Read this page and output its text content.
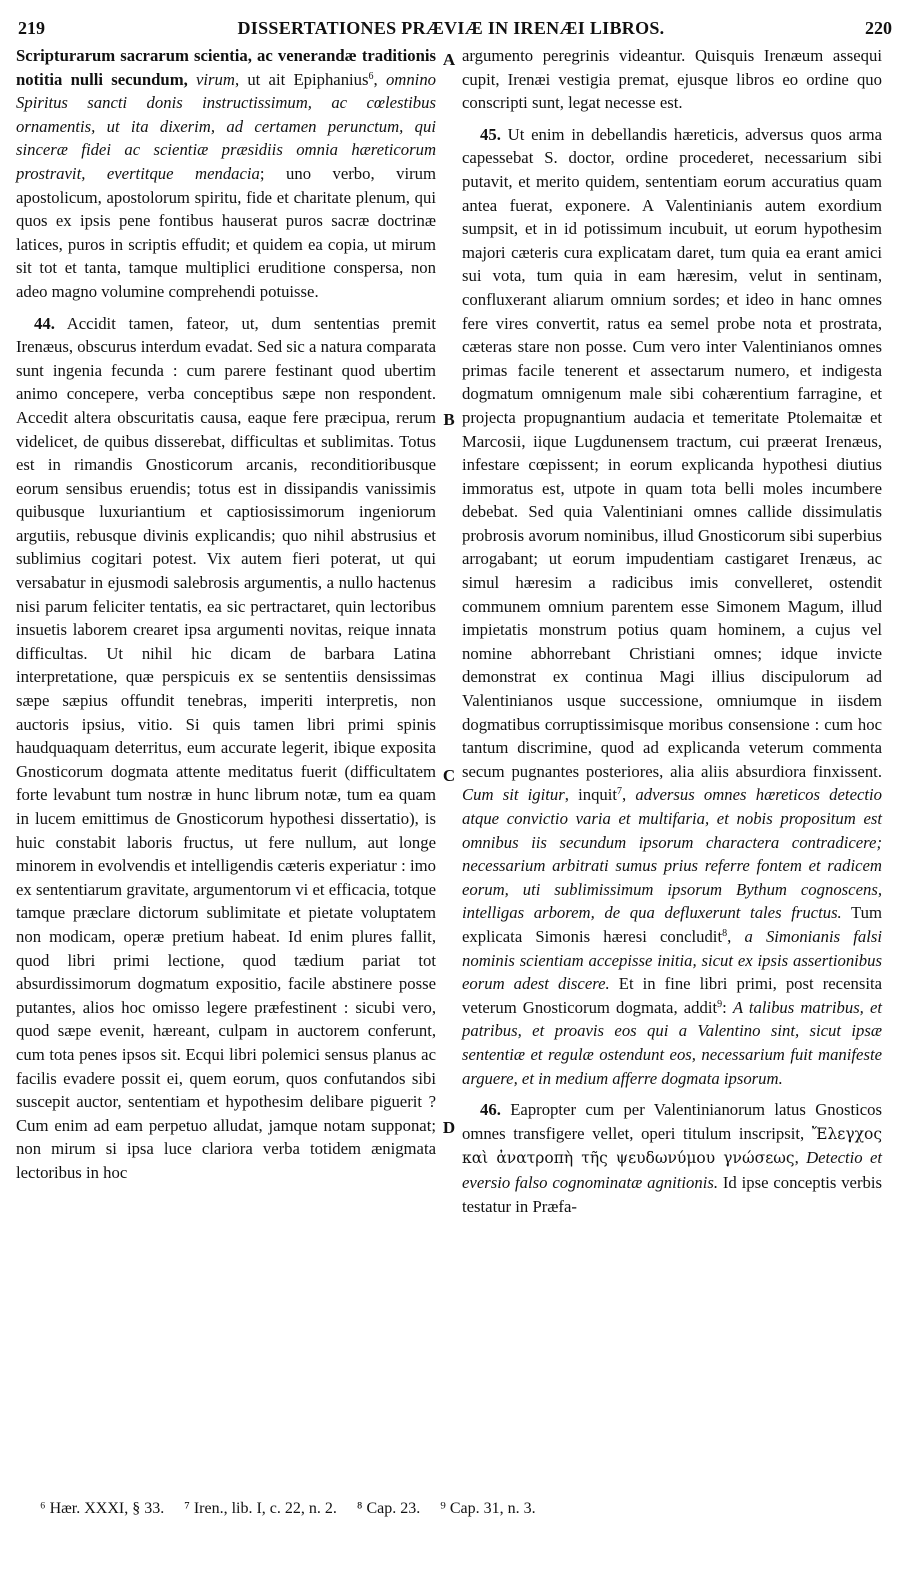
219	DISSERTATIONES PRÆVIÆ IN IRENÆI LIBROS.	220

Scripturarum sacrarum scientia, ac venerandæ traditionis notitia nulli secundum, virum, ut ait Epiphanius$^6$, omnino Spiritus sancti donis instructissimum, ac cœlestibus ornamentis, ut ita dixerim, ad certamen perunctum, qui sinceræ fidei ac scientiæ præsidiis omnia hæreticorum prostravit, evertitque mendacia; uno verbo, virum apostolicum, apostolorum spiritu, fide et charitate plenum, qui quos ex ipsis pene fontibus hauserat puros sacræ doctrinæ latices, puros in scriptis effudit; et quidem ea copia, ut mirum sit tot et tanta, tamque multiplici eruditione conspersa, non adeo magno volumine comprehendi potuisse.

44. Accidit tamen, fateor, ut, dum sententias premit Irenæus, obscurus interdum evadat. Sed sic a natura comparata sunt ingenia fecunda : cum parere festinant quod ubertim animo concepere, verba conceptibus sæpe non respondent. Accedit altera obscuritatis causa, eaque fere præcipua, rerum videlicet, de quibus disserebat, difficultas et sublimitas. Totus est in rimandis Gnosticorum arcanis, reconditioribusque eorum sensibus eruendis; totus est in dissipandis vanissimis quibusque luxuriantium et captiosissimorum ingeniorum argutiis, rebusque divinis explicandis; quo nihil abstrusius et sublimius cogitari potest. Vix autem fieri poterat, ut qui versabatur in ejusmodi salebrosis argumentis, a nullo hactenus nisi parum feliciter tentatis, ea sic pertractaret, quin lectoribus insuetis laborem crearet ipsa argumenti novitas, reique innata difficultas. Ut nihil hic dicam de barbara Latina interpretatione, quæ perspicuis ex se sententiis densissimas sæpe sæpius offundit tenebras, imperiti interpretis, non auctoris ipsius, vitio. Si quis tamen libri primi spinis haudquaquam deterritus, eum accurate legerit, ibique exposita Gnosticorum dogmata attente meditatus fuerit (difficultatem forte levabunt tum nostræ in hunc librum notæ, tum ea quam in lucem emittimus de Gnosticorum hypothesi dissertatio), is huic constabit laboris fructus, ut fere nullum, aut longe minorem in evolvendis et intelligendis cæteris experiatur : imo ex sententiarum gravitate, argumentorum vi et efficacia, totque tamque præclare dictorum sublimitate et pietate voluptatem non modicam, operæ pretium habeat. Id enim plures fallit, quod libri primi lectione, quod tædium pariat tot absurdissimorum dogmatum expositio, facile abstinere posse putantes, alios hoc omisso legere præfestinent : sicubi vero, quod sæpe evenit, hæreant, culpam in auctorem conferunt, cum tota penes ipsos sit. Ecqui libri polemici sensus planus ac facilis evadere possit ei, quem eorum, quos confutandos sibi suscepit auctor, sententiam et hypothesim delibare piguerit ? Cum enim ad eam perpetuo alludat, jamque notam supponat; non mirum si ipsa luce clariora verba totidem ænigmata lectoribus in hoc

A
B
C
D

argumento peregrinis videantur. Quisquis Irenæum assequi cupit, Irenæi vestigia premat, ejusque libros eo ordine quo conscripti sunt, legat necesse est.

45. Ut enim in debellandis hæreticis, adversus quos arma capessebat S. doctor, ordine procederet, necessarium sibi putavit, et merito quidem, sententiam eorum accuratius quam antea fuerat, exponere. A Valentinianis autem exordium sumpsit, et in id potissimum incubuit, ut eorum hypothesim majori cæteris cura explicatam daret, tum quia ea erant amici sui vota, tum quia in eam hæresim, velut in sentinam, confluxerant aliarum omnium sordes; et ideo in hanc omnes fere vires convertit, ratus ea semel probe nota et prostrata, cæteras stare non posse. Cum vero inter Valentinianos omnes primas facile tenerent et assectarum numero, et indigesta dogmatum omnigenum male sibi cohærentium farragine, et projecta propugnantium audacia et temeritate Ptolemaitæ et Marcosii, iique Lugdunensem tractum, cui præerat Irenæus, infestare cœpissent; in eorum explicanda hypothesi diutius immoratus est, utpote in quam tota belli moles incumbere debebat. Sed quia Valentiniani omnes callide dissimulatis probrosis avorum nominibus, illud Gnosticorum sibi superbius arrogabant; ut eorum impudentiam castigaret Irenæus, ac simul hæresim a radicibus imis convelleret, ostendit communem omnium parentem esse Simonem Magum, illud impietatis monstrum potius quam hominem, a cujus vel nomine abhorrebant Christiani omnes; idque invicte demonstrat ex continua Magi illius discipulorum ad Valentinianos usque successione, omniumque in iisdem dogmatibus corruptissimisque moribus consensione : cum hoc tantum discrimine, quod ad explicanda veterum commenta secum pugnantes posteriores, alia aliis absurdiora finxissent. Cum sit igitur, inquit$^7$, adversus omnes hæreticos detectio atque convictio varia et multifaria, et nobis propositum est omnibus iis secundum ipsorum charactera contradicere; necessarium arbitrati sumus prius referre fontem et radicem eorum, uti sublimissimum ipsorum Bythum cognoscens, intelligas arborem, de qua defluxerunt tales fructus. Tum explicata Simonis hæresi concludit$^8$, a Simonianis falsi nominis scientiam accepisse initia, sicut ex ipsis assertionibus eorum adest discere. Et in fine libri primi, post recensita veterum Gnosticorum dogmata, addit$^9$: A talibus matribus, et patribus, et proavis eos qui a Valentino sint, sicut ipsæ sententiæ et regulæ ostendunt eos, necessarium fuit manifeste arguere, et in medium afferre dogmata ipsorum.

46. Eapropter cum per Valentinianorum latus Gnosticos omnes transfigere vellet, operi titulum inscripsit, Ἔλεγχος καὶ ἀνατροπὴ τῆς ψευδωνύμου γνώσεως, Detectio et eversio falso cognominatæ agnitionis. Id ipse conceptis verbis testatur in Præfa-

⁶ Hær. XXXI, § 33. ⁷ Iren., lib. I, c. 22, n. 2. ⁸ Cap. 23. ⁹ Cap. 31, n. 3.
